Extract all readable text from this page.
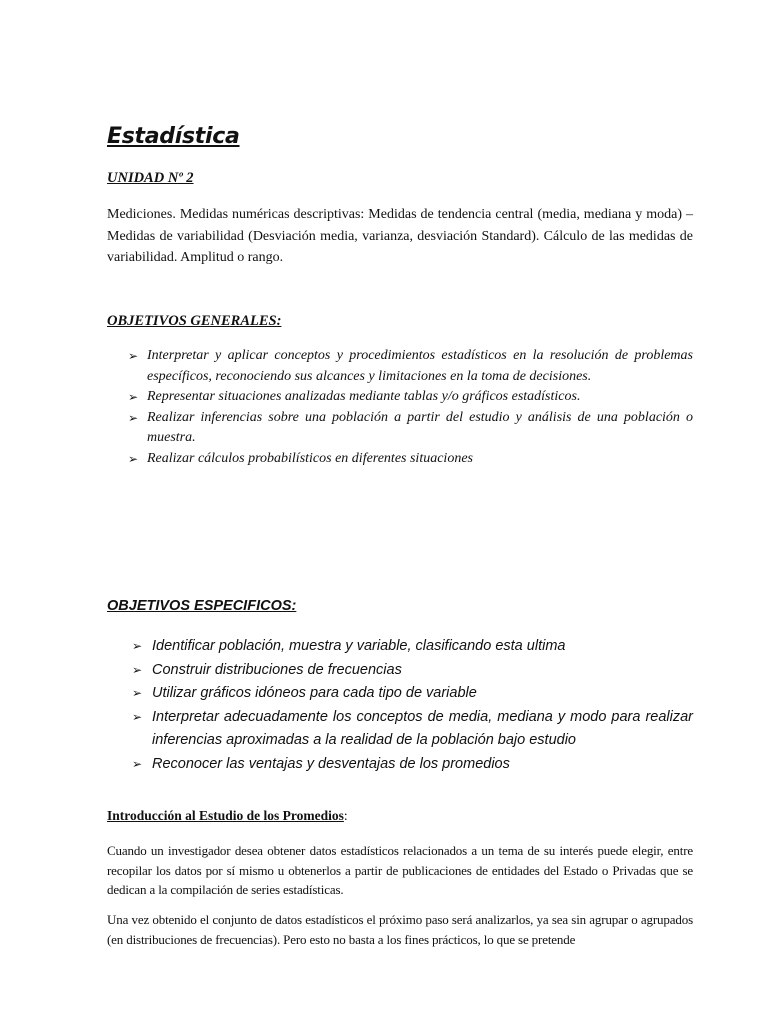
Estadística
UNIDAD Nº 2
Mediciones. Medidas numéricas descriptivas: Medidas de tendencia central (media, mediana y moda) – Medidas de variabilidad (Desviación media, varianza, desviación Standard). Cálculo de las medidas de variabilidad. Amplitud o rango.
OBJETIVOS GENERALES:
➢ Interpretar y aplicar conceptos y procedimientos estadísticos en la resolución de problemas específicos, reconociendo sus alcances y limitaciones en la toma de decisiones.
➢ Representar situaciones analizadas mediante tablas y/o gráficos estadísticos.
➢ Realizar inferencias sobre una población a partir del estudio y análisis de una población o muestra.
➢ Realizar cálculos probabilísticos en diferentes situaciones
OBJETIVOS ESPECIFICOS:
➢ Identificar población, muestra y variable, clasificando esta ultima
➢ Construir distribuciones de frecuencias
➢ Utilizar gráficos idóneos para cada tipo de variable
➢ Interpretar adecuadamente los conceptos de media, mediana y modo para realizar inferencias aproximadas a la realidad de la población bajo estudio
➢ Reconocer las ventajas y desventajas de los promedios
Introducción al Estudio de los Promedios:
Cuando un investigador desea obtener datos estadísticos relacionados a un tema de su interés puede elegir, entre recopilar los datos por sí mismo u obtenerlos a partir de publicaciones de entidades del Estado o Privadas que se dedican a la compilación de series estadísticas.
Una vez obtenido el conjunto de datos estadísticos el próximo paso será analizarlos, ya sea sin agrupar o agrupados (en distribuciones de frecuencias). Pero esto no basta a los fines prácticos, lo que se pretende
